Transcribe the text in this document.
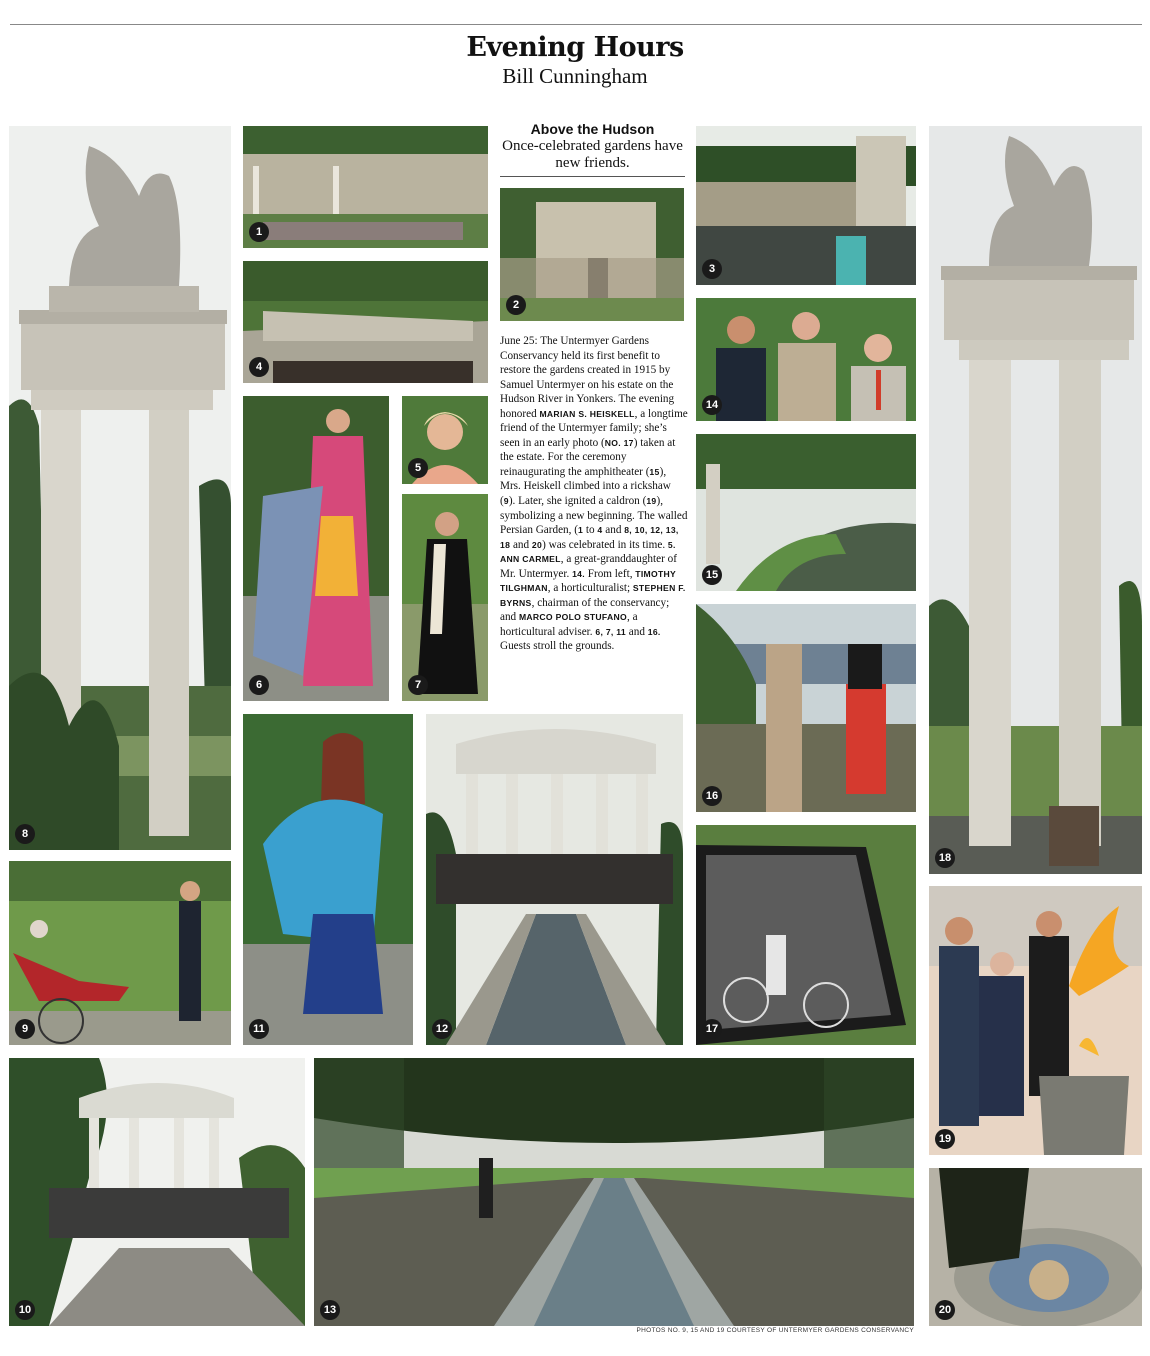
Evening Hours
Bill Cunningham
8
9
10
1
4
6
5
7
11
2
12
3
14
15
16
17
13
18
19
20
Above the Hudson
Once-celebrated gardens have new friends.

June 25: The Untermyer Gardens Conservancy held its first benefit to restore the gardens created in 1915 by Samuel Untermyer on his estate on the Hudson River in Yonkers. The evening honored MARIAN S. HEISKELL, a longtime friend of the Untermyer family; she’s seen in an early photo (NO. 17) taken at the estate. For the ceremony reinaugurating the amphitheater (15), Mrs. Heiskell climbed into a rickshaw (9). Later, she ignited a caldron (19), symbolizing a new beginning. The walled Persian Garden, (1 to 4 and 8, 10, 12, 13, 18 and 20) was celebrated in its time. 5. ANN CARMEL, a great-granddaughter of Mr. Untermyer. 14. From left, TIMOTHY TILGHMAN, a horticulturalist; STEPHEN F. BYRNS, chairman of the conservancy; and MARCO POLO STUFANO, a horticultural adviser. 6, 7, 11 and 16. Guests stroll the grounds.

PHOTOS NO. 9, 15 AND 19 COURTESY OF UNTERMYER GARDENS CONSERVANCY
